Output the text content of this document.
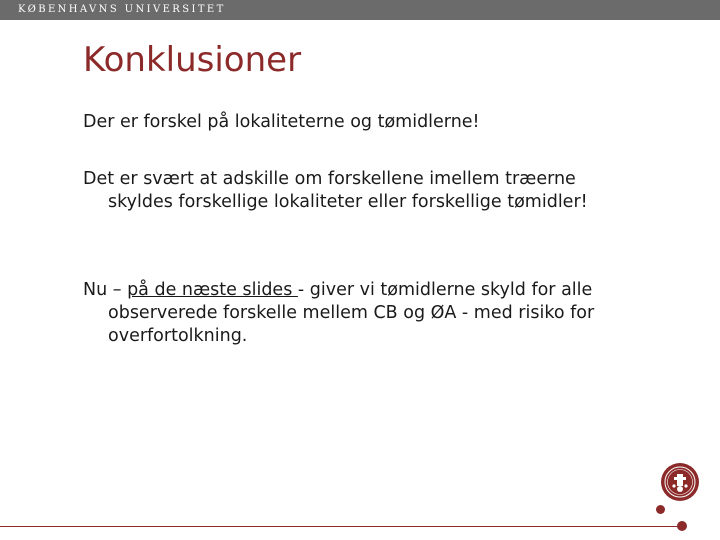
KØBENHAVNS UNIVERSITET
Konklusioner

Der er forskel på lokaliteterne og tømidlerne!

Det er svært at adskille om forskellene imellem træerne
skyldes forskellige lokaliteter eller forskellige tømidler!

Nu – på de næste slides - giver vi tømidlerne skyld for alle
observerede forskelle mellem CB og ØA - med risiko for
overfortolkning.
